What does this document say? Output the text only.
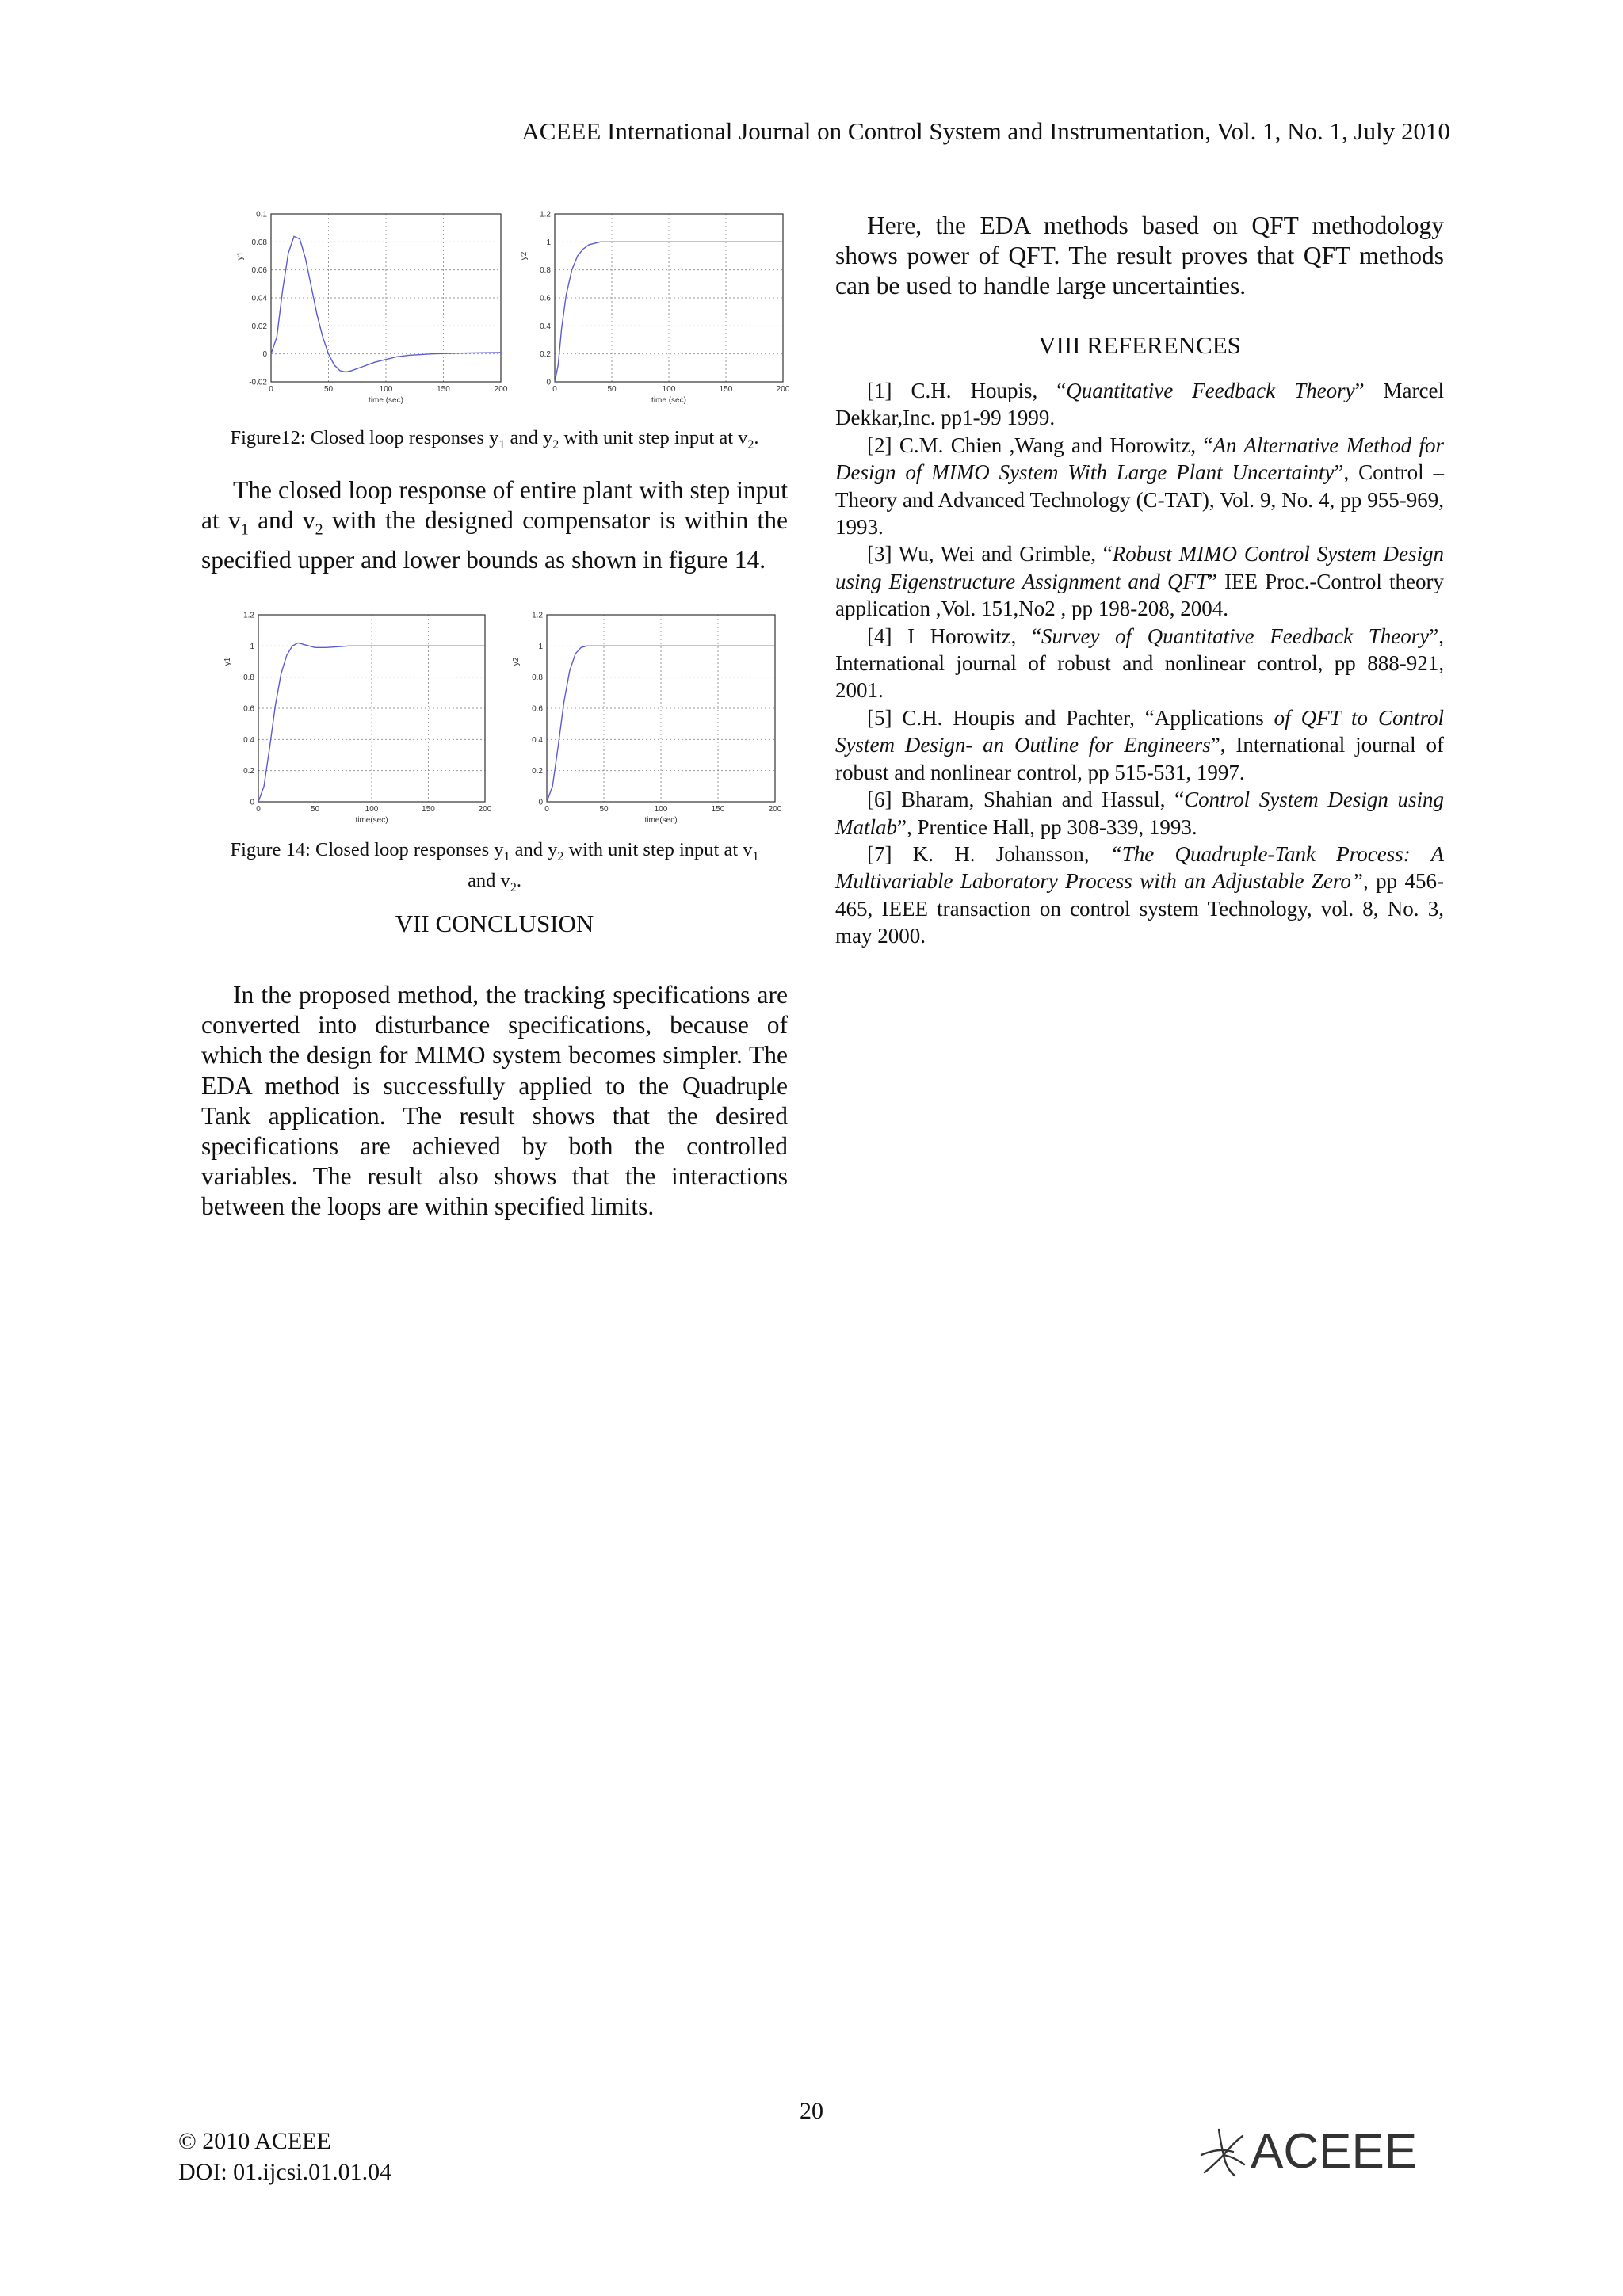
ACEEE International Journal on Control System and Instrumentation, Vol. 1, No. 1, July 2010
0	50	100	150	200
-0.02
0
0.02
0.04
0.06
0.08
0.1
time (sec)
y1
0	50	100	150	200
0
0.2
0.4
0.6
0.8
1
1.2
time (sec)
y2
Figure12: Closed loop responses $y_1$ and $y_2$ with unit step input at $v_2$.

The closed loop response of entire plant with step input at $v_1$ and $v_2$ with the designed compensator is within the specified upper and lower bounds as shown in figure 14.

0	50	100	150	200
0
0.2
0.4
0.6
0.8
1
1.2
time(sec)
y1
0	50	100	150	200
0
0.2
0.4
0.6
0.8
1
1.2
time(sec)
y2
Figure 14: Closed loop responses $y_1$ and $y_2$ with unit step input at $v_1$
and $v_2$.
VII CONCLUSION

In the proposed method, the tracking specifications are converted into disturbance specifications, because of which the design for MIMO system becomes simpler. The EDA method is successfully applied to the Quadruple Tank application. The result shows that the desired specifications are achieved by both the controlled variables. The result also shows that the interactions between the loops are within specified limits.

Here, the EDA methods based on QFT methodology shows power of QFT. The result proves that QFT methods can be used to handle large uncertainties.

VIII REFERENCES

[1] C.H. Houpis, “Quantitative Feedback Theory” Marcel Dekkar,Inc. pp1-99 1999.

[2] C.M. Chien ,Wang and Horowitz, “An Alternative Method for Design of MIMO System With Large Plant Uncertainty”, Control –Theory and Advanced Technology (C-TAT), Vol. 9, No. 4, pp 955-969, 1993.

[3] Wu, Wei and Grimble, “Robust MIMO Control System Design using Eigenstructure Assignment and QFT” IEE Proc.-Control theory application ,Vol. 151,No2 , pp 198-208, 2004.

[4] I Horowitz, “Survey of Quantitative Feedback Theory”, International journal of robust and nonlinear control, pp 888-921, 2001.

[5] C.H. Houpis and Pachter, “Applications of QFT to Control System Design- an Outline for Engineers”, International journal of robust and nonlinear control, pp 515-531, 1997.

[6] Bharam, Shahian and Hassul, “Control System Design using Matlab”, Prentice Hall, pp 308-339, 1993.

[7] K. H. Johansson, “The Quadruple-Tank Process: A Multivariable Laboratory Process with an Adjustable Zero”, pp 456-465, IEEE transaction on control system Technology, vol. 8, No. 3, may 2000.

20
© 2010 ACEEE
DOI: 01.ijcsi.01.01.04	ACEEE
